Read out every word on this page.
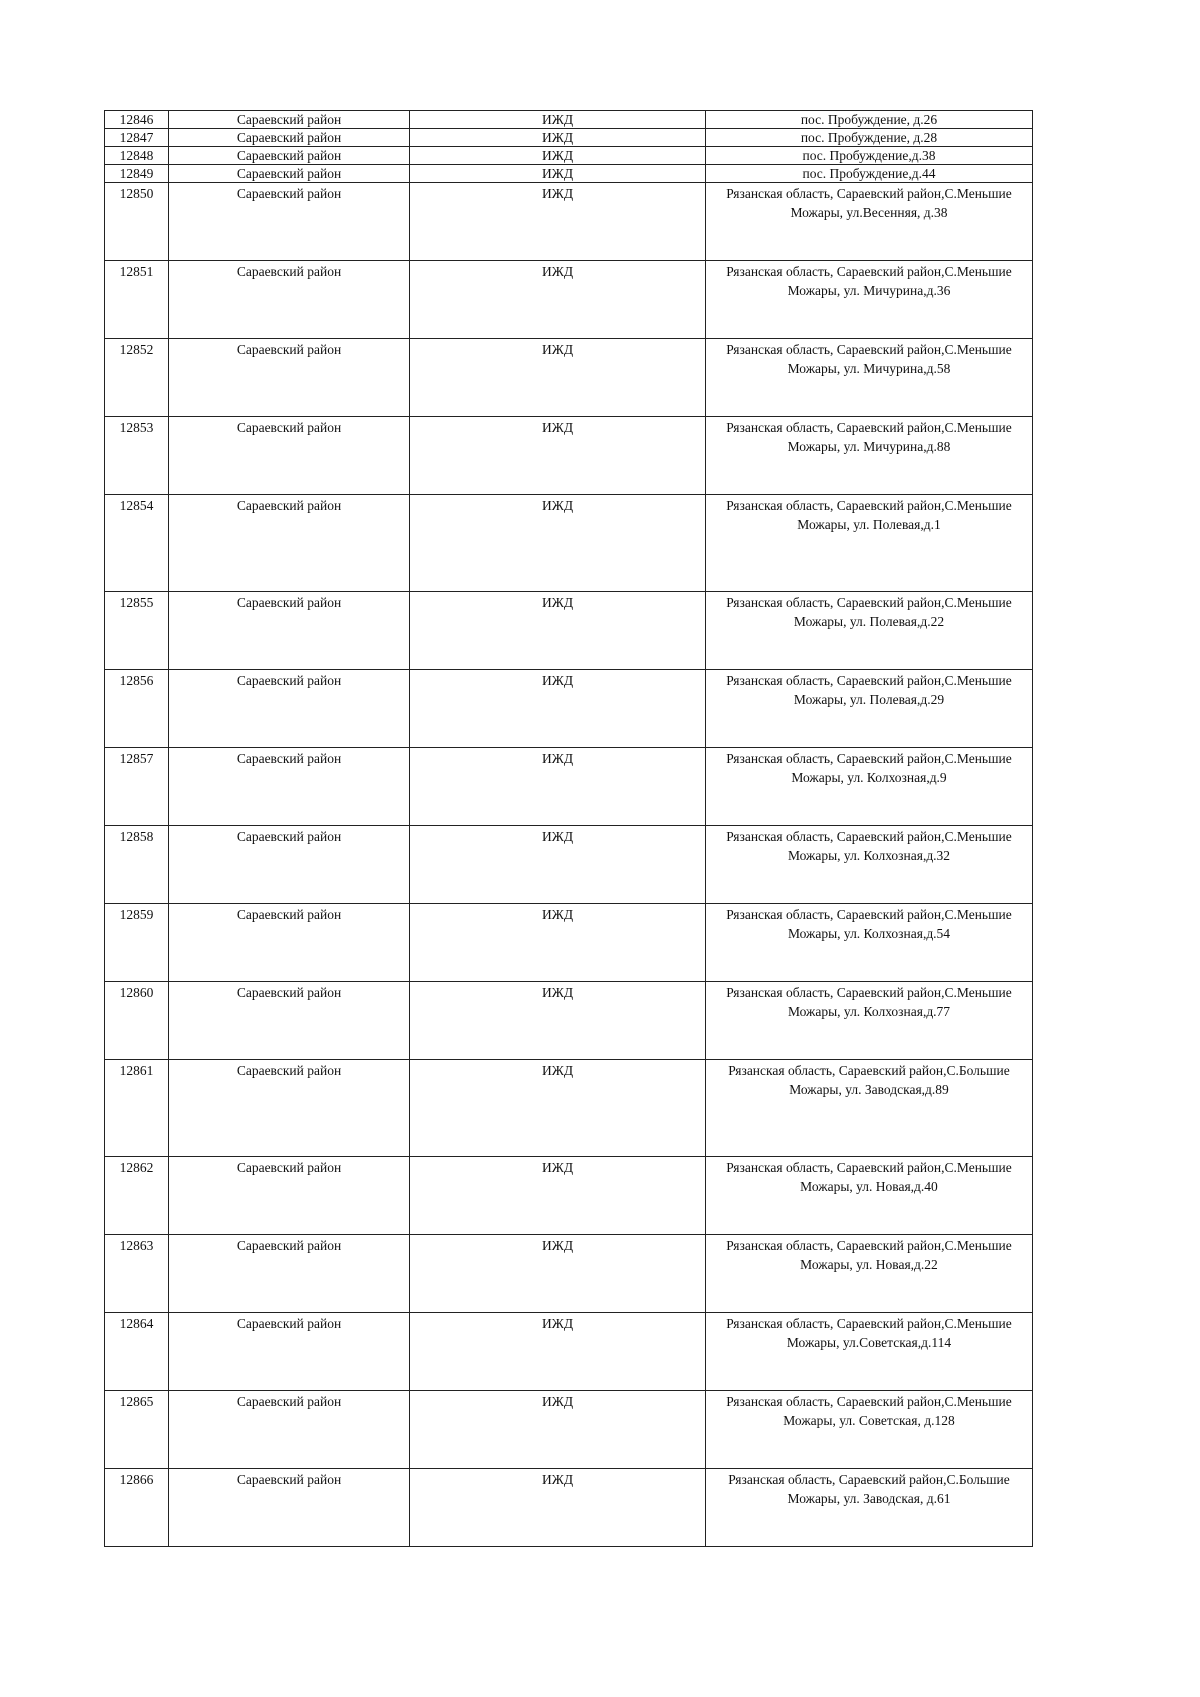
12846	Сараевский район	ИЖД	пос. Пробуждение, д.26
12847	Сараевский район	ИЖД	пос. Пробуждение, д.28
12848	Сараевский район	ИЖД	пос. Пробуждение,д.38
12849	Сараевский район	ИЖД	пос. Пробуждение,д.44
12850	Сараевский район	ИЖД	Рязанская область, Сараевский район,С.Меньшие Можары, ул.Весенняя, д.38
12851	Сараевский район	ИЖД	Рязанская область, Сараевский район,С.Меньшие Можары, ул. Мичурина,д.36
12852	Сараевский район	ИЖД	Рязанская область, Сараевский район,С.Меньшие Можары, ул. Мичурина,д.58
12853	Сараевский район	ИЖД	Рязанская область, Сараевский район,С.Меньшие Можары, ул. Мичурина,д.88
12854	Сараевский район	ИЖД	Рязанская область, Сараевский район,С.Меньшие Можары, ул. Полевая,д.1
12855	Сараевский район	ИЖД	Рязанская область, Сараевский район,С.Меньшие Можары, ул. Полевая,д.22
12856	Сараевский район	ИЖД	Рязанская область, Сараевский район,С.Меньшие Можары, ул. Полевая,д.29
12857	Сараевский район	ИЖД	Рязанская область, Сараевский район,С.Меньшие Можары, ул. Колхозная,д.9
12858	Сараевский район	ИЖД	Рязанская область, Сараевский район,С.Меньшие Можары, ул. Колхозная,д.32
12859	Сараевский район	ИЖД	Рязанская область, Сараевский район,С.Меньшие Можары, ул. Колхозная,д.54
12860	Сараевский район	ИЖД	Рязанская область, Сараевский район,С.Меньшие Можары, ул. Колхозная,д.77
12861	Сараевский район	ИЖД	Рязанская область, Сараевский район,С.Большие Можары, ул. Заводская,д.89
12862	Сараевский район	ИЖД	Рязанская область, Сараевский район,С.Меньшие Можары, ул. Новая,д.40
12863	Сараевский район	ИЖД	Рязанская область, Сараевский район,С.Меньшие Можары, ул. Новая,д.22
12864	Сараевский район	ИЖД	Рязанская область, Сараевский район,С.Меньшие Можары, ул.Советская,д.114
12865	Сараевский район	ИЖД	Рязанская область, Сараевский район,С.Меньшие Можары, ул. Советская, д.128
12866	Сараевский район	ИЖД	Рязанская область, Сараевский район,С.Большие Можары, ул. Заводская, д.61
